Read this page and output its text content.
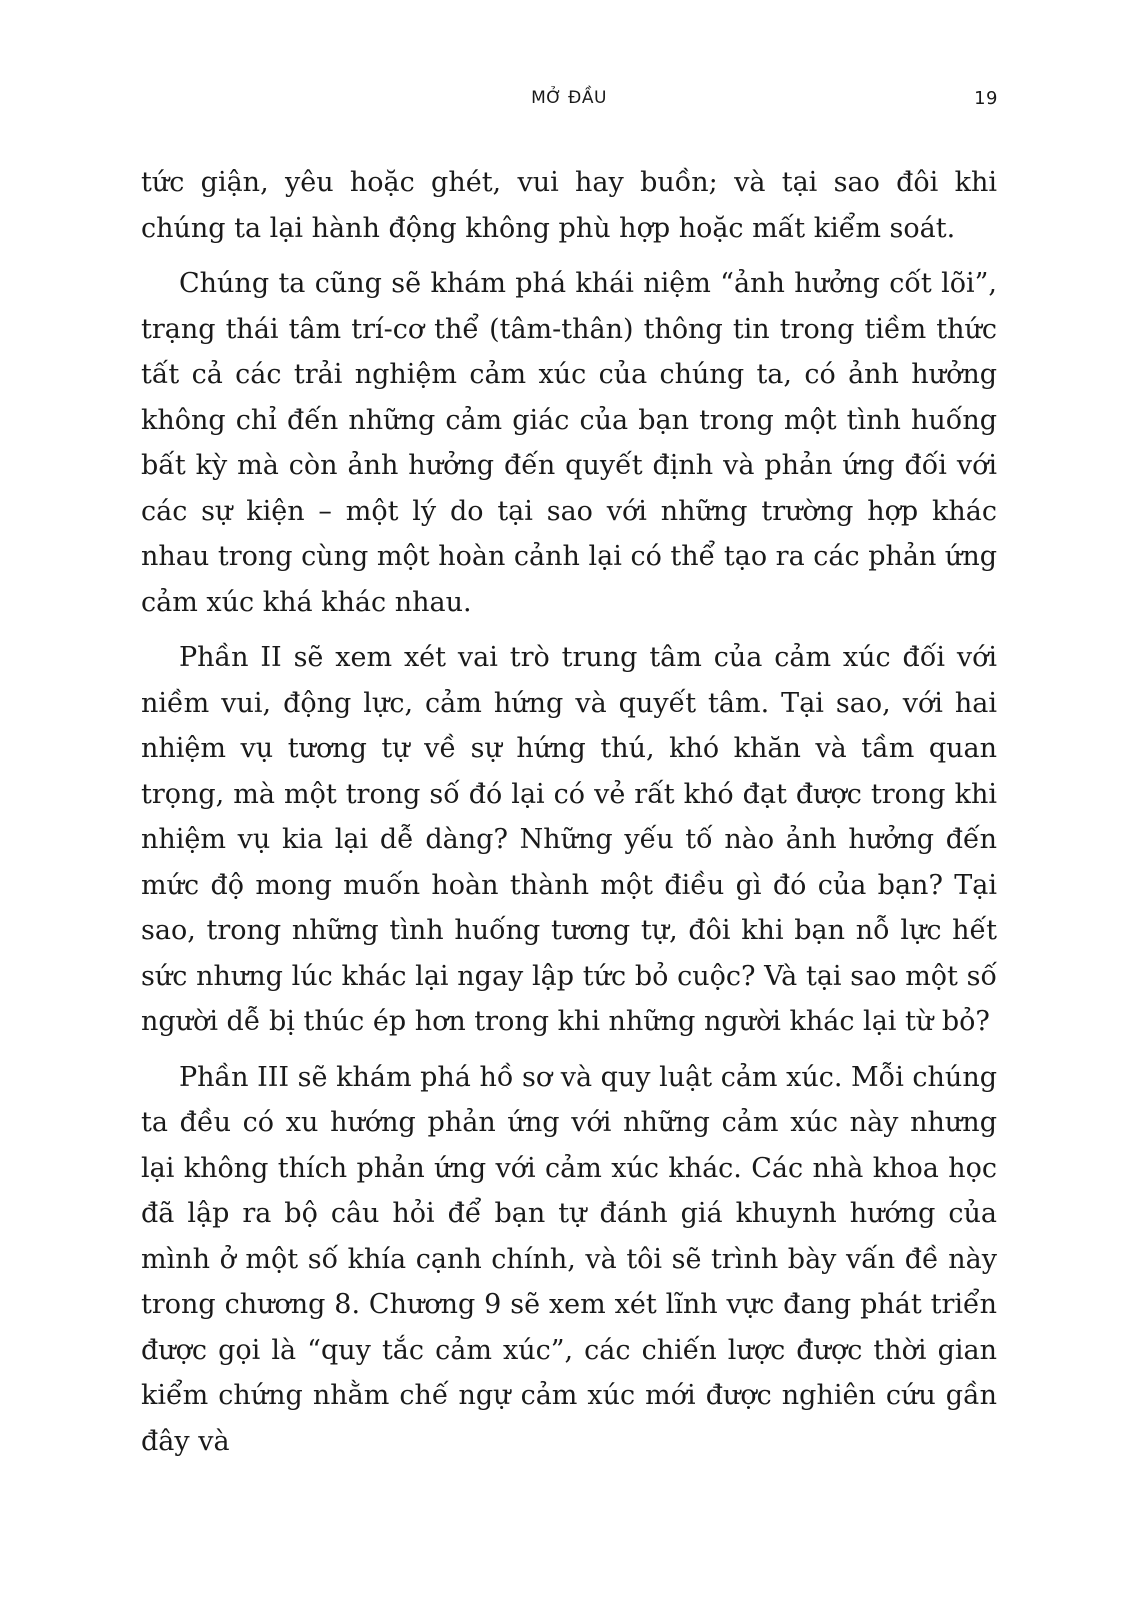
MỞ ĐẦU	19

tức giận, yêu hoặc ghét, vui hay buồn; và tại sao đôi khi chúng ta lại hành động không phù hợp hoặc mất kiểm soát.

Chúng ta cũng sẽ khám phá khái niệm “ảnh hưởng cốt lõi”, trạng thái tâm trí-cơ thể (tâm-thân) thông tin trong tiềm thức tất cả các trải nghiệm cảm xúc của chúng ta, có ảnh hưởng không chỉ đến những cảm giác của bạn trong một tình huống bất kỳ mà còn ảnh hưởng đến quyết định và phản ứng đối với các sự kiện – một lý do tại sao với những trường hợp khác nhau trong cùng một hoàn cảnh lại có thể tạo ra các phản ứng cảm xúc khá khác nhau.

Phần II sẽ xem xét vai trò trung tâm của cảm xúc đối với niềm vui, động lực, cảm hứng và quyết tâm. Tại sao, với hai nhiệm vụ tương tự về sự hứng thú, khó khăn và tầm quan trọng, mà một trong số đó lại có vẻ rất khó đạt được trong khi nhiệm vụ kia lại dễ dàng? Những yếu tố nào ảnh hưởng đến mức độ mong muốn hoàn thành một điều gì đó của bạn? Tại sao, trong những tình huống tương tự, đôi khi bạn nỗ lực hết sức nhưng lúc khác lại ngay lập tức bỏ cuộc? Và tại sao một số người dễ bị thúc ép hơn trong khi những người khác lại từ bỏ?

Phần III sẽ khám phá hồ sơ và quy luật cảm xúc. Mỗi chúng ta đều có xu hướng phản ứng với những cảm xúc này nhưng lại không thích phản ứng với cảm xúc khác. Các nhà khoa học đã lập ra bộ câu hỏi để bạn tự đánh giá khuynh hướng của mình ở một số khía cạnh chính, và tôi sẽ trình bày vấn đề này trong chương 8. Chương 9 sẽ xem xét lĩnh vực đang phát triển được gọi là “quy tắc cảm xúc”, các chiến lược được thời gian kiểm chứng nhằm chế ngự cảm xúc mới được nghiên cứu gần đây và
